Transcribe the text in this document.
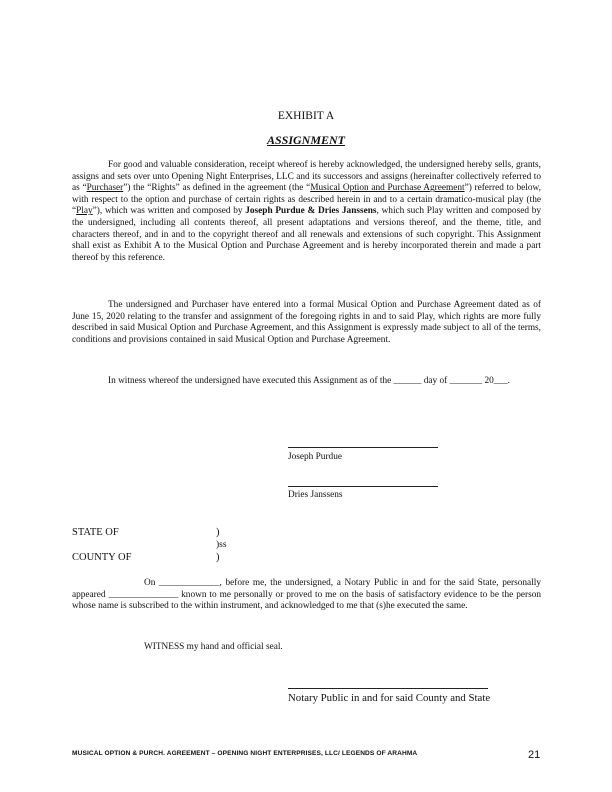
EXHIBIT A
ASSIGNMENT
For good and valuable consideration, receipt whereof is hereby acknowledged, the undersigned hereby sells, grants, assigns and sets over unto Opening Night Enterprises, LLC and its successors and assigns (hereinafter collectively referred to as “Purchaser”) the “Rights” as defined in the agreement (the “Musical Option and Purchase Agreement”) referred to below, with respect to the option and purchase of certain rights as described herein in and to a certain dramatico-musical play (the “Play”), which was written and composed by Joseph Purdue & Dries Janssens, which such Play written and composed by the undersigned, including all contents thereof, all present adaptations and versions thereof, and the theme, title, and characters thereof, and in and to the copyright thereof and all renewals and extensions of such copyright. This Assignment shall exist as Exhibit A to the Musical Option and Purchase Agreement and is hereby incorporated therein and made a part thereof by this reference.
The undersigned and Purchaser have entered into a formal Musical Option and Purchase Agreement dated as of June 15, 2020 relating to the transfer and assignment of the foregoing rights in and to said Play, which rights are more fully described in said Musical Option and Purchase Agreement, and this Assignment is expressly made subject to all of the terms, conditions and provisions contained in said Musical Option and Purchase Agreement.
In witness whereof the undersigned have executed this Assignment as of the ______ day of _______ 20___.
Joseph Purdue
Dries Janssens
STATE OF	)
)ss
COUNTY OF	)
On _____________, before me, the undersigned, a Notary Public in and for the said State, personally appeared _______________ known to me personally or proved to me on the basis of satisfactory evidence to be the person whose name is subscribed to the within instrument, and acknowledged to me that (s)he executed the same.
WITNESS my hand and official seal.
Notary Public in and for said County and State
MUSICAL OPTION & PURCH. AGREEMENT – OPENING NIGHT ENTERPRISES, LLC/ LEGENDS OF ARAHMA	21
